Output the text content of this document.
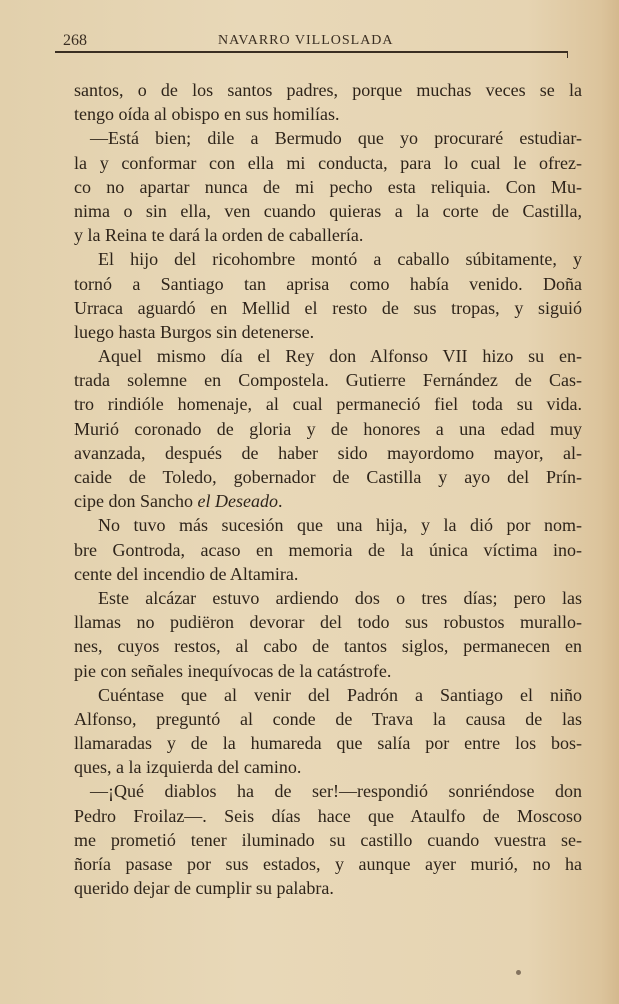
268	NAVARRO VILLOSLADA
santos, o de los santos padres, porque muchas veces se la
tengo oída al obispo en sus homilías.
—Está bien; dile a Bermudo que yo procuraré estudiar-
la y conformar con ella mi conducta, para lo cual le ofrez-
co no apartar nunca de mi pecho esta reliquia. Con Mu-
nima o sin ella, ven cuando quieras a la corte de Castilla,
y la Reina te dará la orden de caballería.
El hijo del ricohombre montó a caballo súbitamente, y
tornó a Santiago tan aprisa como había venido. Doña
Urraca aguardó en Mellid el resto de sus tropas, y siguió
luego hasta Burgos sin detenerse.
Aquel mismo día el Rey don Alfonso VII hizo su en-
trada solemne en Compostela. Gutierre Fernández de Cas-
tro rindióle homenaje, al cual permaneció fiel toda su vida.
Murió coronado de gloria y de honores a una edad muy
avanzada, después de haber sido mayordomo mayor, al-
caide de Toledo, gobernador de Castilla y ayo del Prín-
cipe don Sancho el Deseado.
No tuvo más sucesión que una hija, y la dió por nom-
bre Gontroda, acaso en memoria de la única víctima ino-
cente del incendio de Altamira.
Este alcázar estuvo ardiendo dos o tres días; pero las
llamas no pudiëron devorar del todo sus robustos murallo-
nes, cuyos restos, al cabo de tantos siglos, permanecen en
pie con señales inequívocas de la catástrofe.
Cuéntase que al venir del Padrón a Santiago el niño
Alfonso, preguntó al conde de Trava la causa de las
llamaradas y de la humareda que salía por entre los bos-
ques, a la izquierda del camino.
—¡Qué diablos ha de ser!—respondió sonriéndose don
Pedro Froilaz—. Seis días hace que Ataulfo de Moscoso
me prometió tener iluminado su castillo cuando vuestra se-
ñoría pasase por sus estados, y aunque ayer murió, no ha
querido dejar de cumplir su palabra.
